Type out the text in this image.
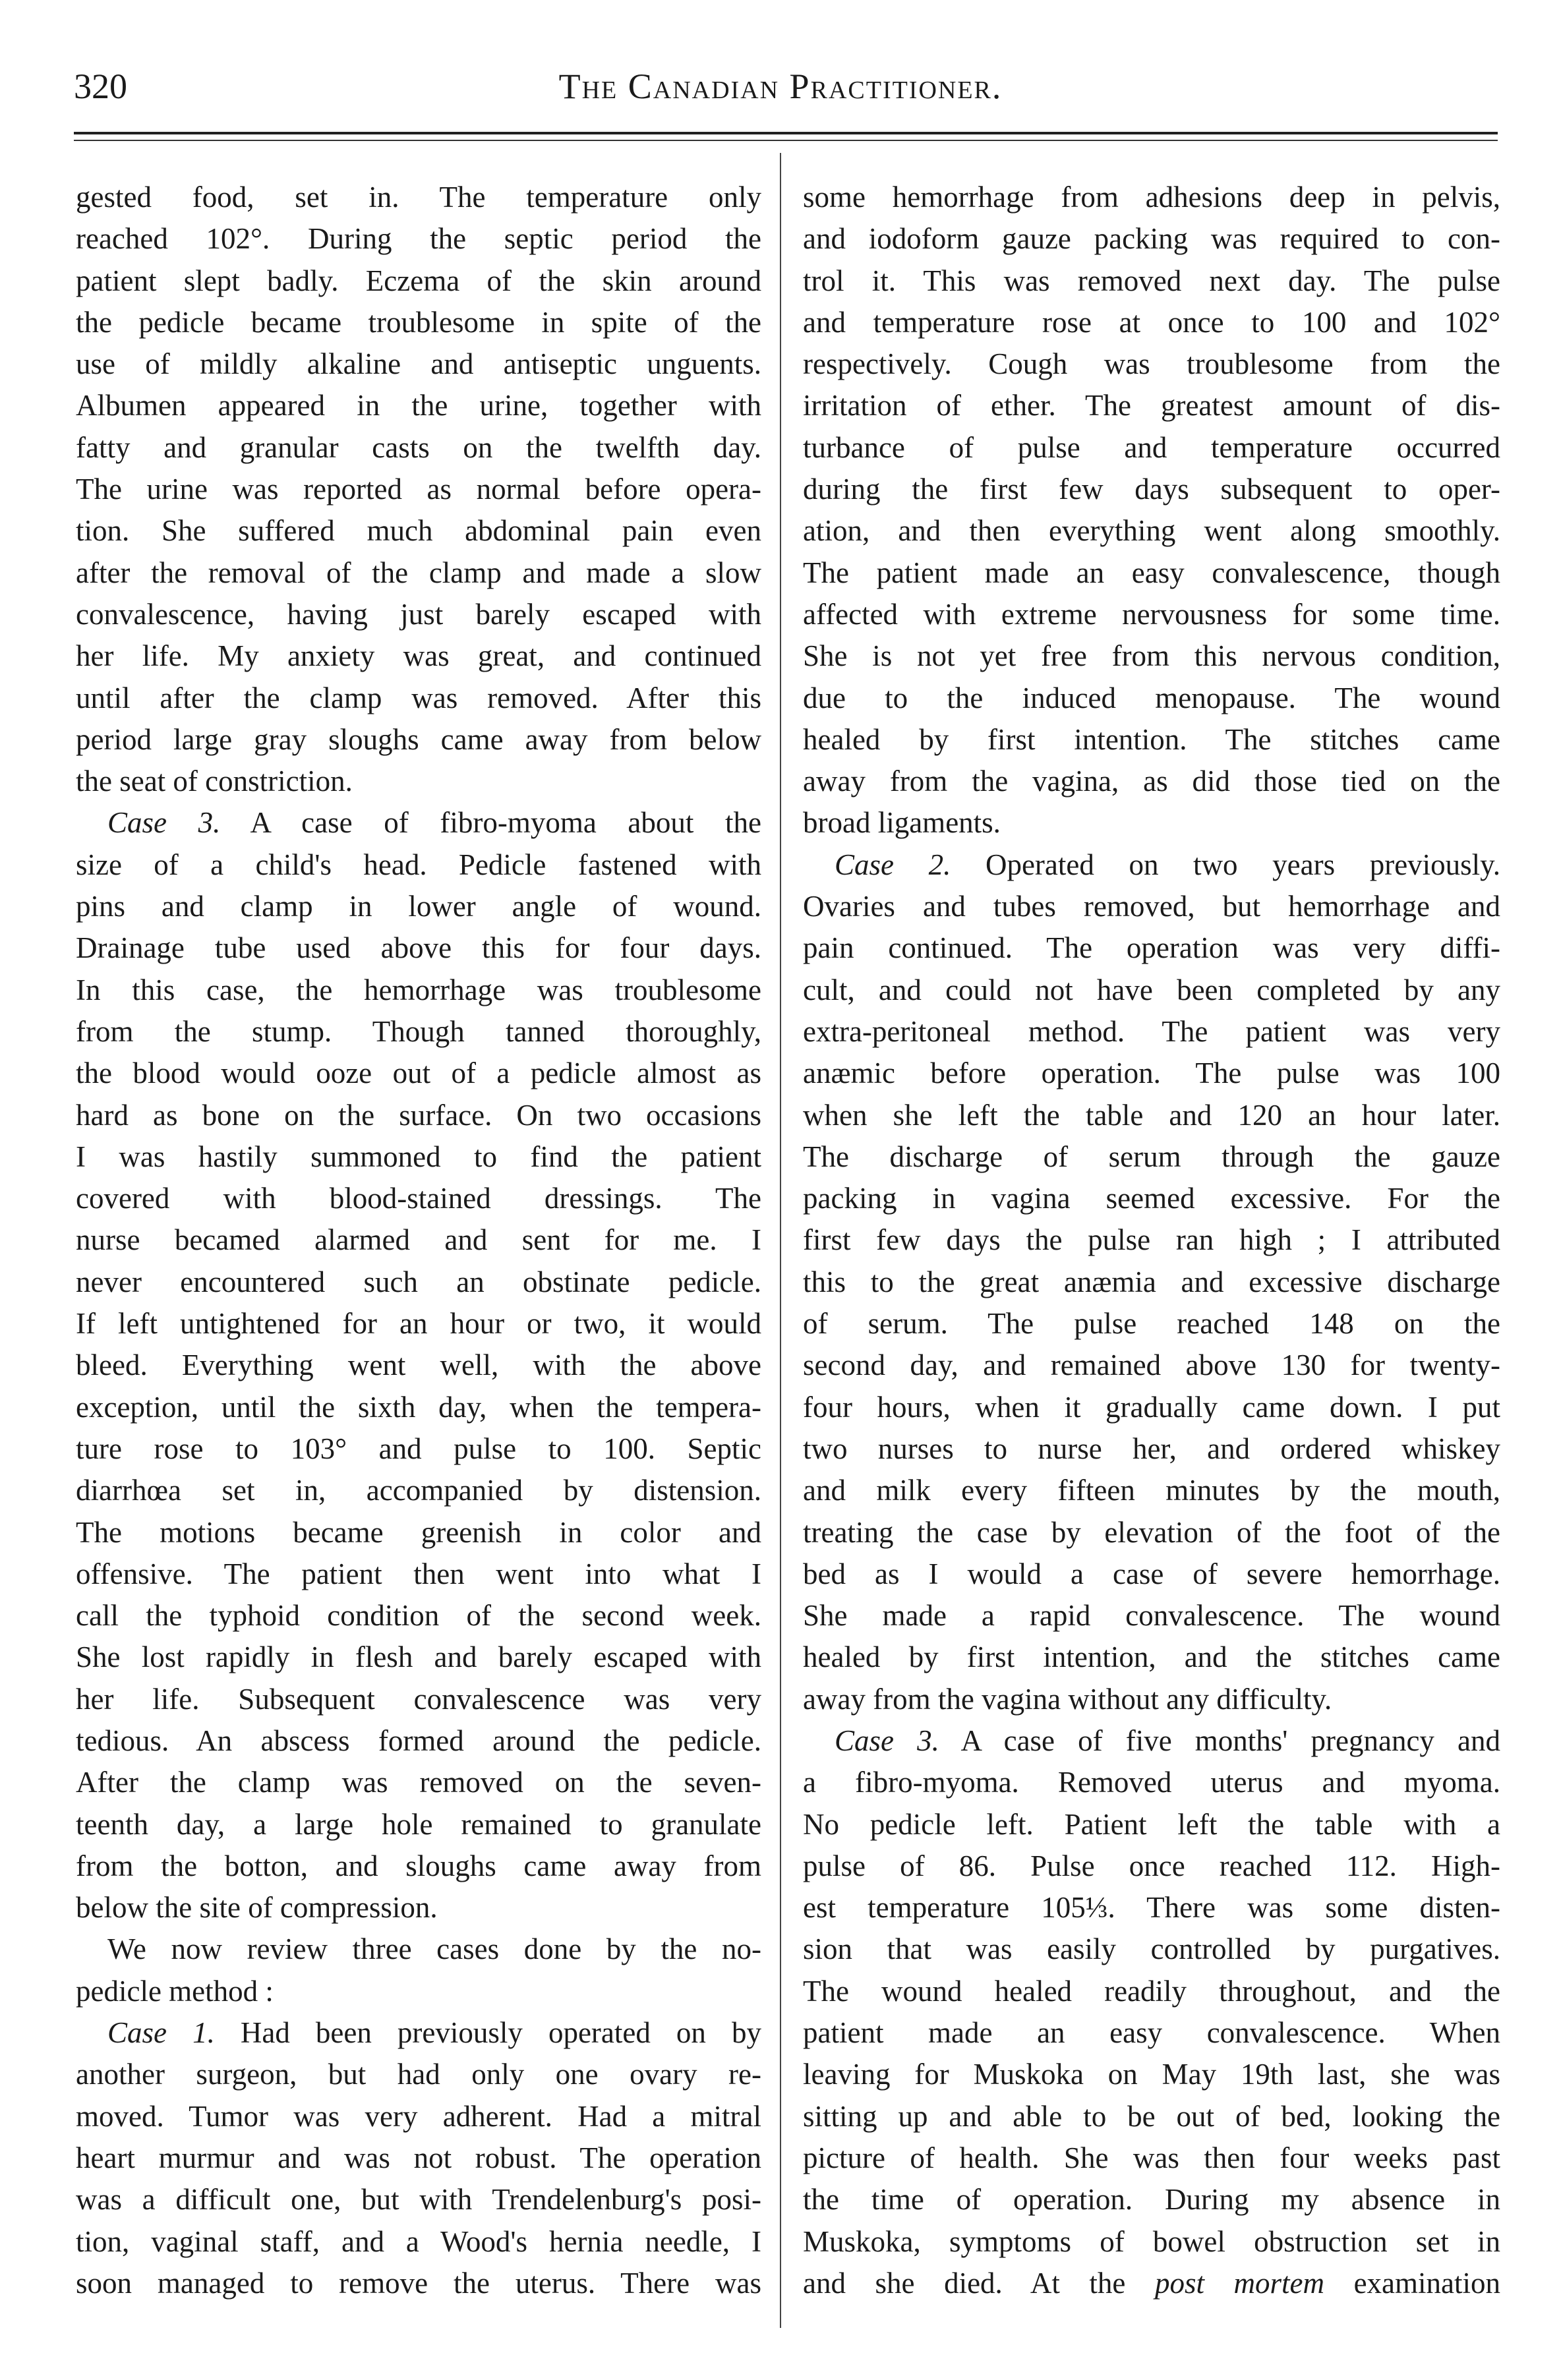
320	The Canadian Practitioner.
gested food, set in. The temperature only
reached 102°. During the septic period the
patient slept badly. Eczema of the skin around
the pedicle became troublesome in spite of the
use of mildly alkaline and antiseptic unguents.
Albumen appeared in the urine, together with
fatty and granular casts on the twelfth day.
The urine was reported as normal before opera-
tion. She suffered much abdominal pain even
after the removal of the clamp and made a slow
convalescence, having just barely escaped with
her life. My anxiety was great, and continued
until after the clamp was removed. After this
period large gray sloughs came away from below
the seat of constriction.
Case 3. A case of fibro-myoma about the
size of a child's head. Pedicle fastened with
pins and clamp in lower angle of wound.
Drainage tube used above this for four days.
In this case, the hemorrhage was troublesome
from the stump. Though tanned thoroughly,
the blood would ooze out of a pedicle almost as
hard as bone on the surface. On two occasions
I was hastily summoned to find the patient
covered with blood-stained dressings. The
nurse becamed alarmed and sent for me. I
never encountered such an obstinate pedicle.
If left untightened for an hour or two, it would
bleed. Everything went well, with the above
exception, until the sixth day, when the tempera-
ture rose to 103° and pulse to 100. Septic
diarrhœa set in, accompanied by distension.
The motions became greenish in color and
offensive. The patient then went into what I
call the typhoid condition of the second week.
She lost rapidly in flesh and barely escaped with
her life. Subsequent convalescence was very
tedious. An abscess formed around the pedicle.
After the clamp was removed on the seven-
teenth day, a large hole remained to granulate
from the botton, and sloughs came away from
below the site of compression.
We now review three cases done by the no-
pedicle method :
Case 1. Had been previously operated on by
another surgeon, but had only one ovary re-
moved. Tumor was very adherent. Had a mitral
heart murmur and was not robust. The operation
was a difficult one, but with Trendelenburg's posi-
tion, vaginal staff, and a Wood's hernia needle, I
soon managed to remove the uterus. There was
some hemorrhage from adhesions deep in pelvis,
and iodoform gauze packing was required to con-
trol it. This was removed next day. The pulse
and temperature rose at once to 100 and 102°
respectively. Cough was troublesome from the
irritation of ether. The greatest amount of dis-
turbance of pulse and temperature occurred
during the first few days subsequent to oper-
ation, and then everything went along smoothly.
The patient made an easy convalescence, though
affected with extreme nervousness for some time.
She is not yet free from this nervous condition,
due to the induced menopause. The wound
healed by first intention. The stitches came
away from the vagina, as did those tied on the
broad ligaments.
Case 2. Operated on two years previously.
Ovaries and tubes removed, but hemorrhage and
pain continued. The operation was very diffi-
cult, and could not have been completed by any
extra-peritoneal method. The patient was very
anæmic before operation. The pulse was 100
when she left the table and 120 an hour later.
The discharge of serum through the gauze
packing in vagina seemed excessive. For the
first few days the pulse ran high ; I attributed
this to the great anæmia and excessive discharge
of serum. The pulse reached 148 on the
second day, and remained above 130 for twenty-
four hours, when it gradually came down. I put
two nurses to nurse her, and ordered whiskey
and milk every fifteen minutes by the mouth,
treating the case by elevation of the foot of the
bed as I would a case of severe hemorrhage.
She made a rapid convalescence. The wound
healed by first intention, and the stitches came
away from the vagina without any difficulty.
Case 3. A case of five months' pregnancy and
a fibro-myoma. Removed uterus and myoma.
No pedicle left. Patient left the table with a
pulse of 86. Pulse once reached 112. High-
est temperature 105⅓. There was some disten-
sion that was easily controlled by purgatives.
The wound healed readily throughout, and the
patient made an easy convalescence. When
leaving for Muskoka on May 19th last, she was
sitting up and able to be out of bed, looking the
picture of health. She was then four weeks past
the time of operation. During my absence in
Muskoka, symptoms of bowel obstruction set in
and she died. At the post mortem examination
